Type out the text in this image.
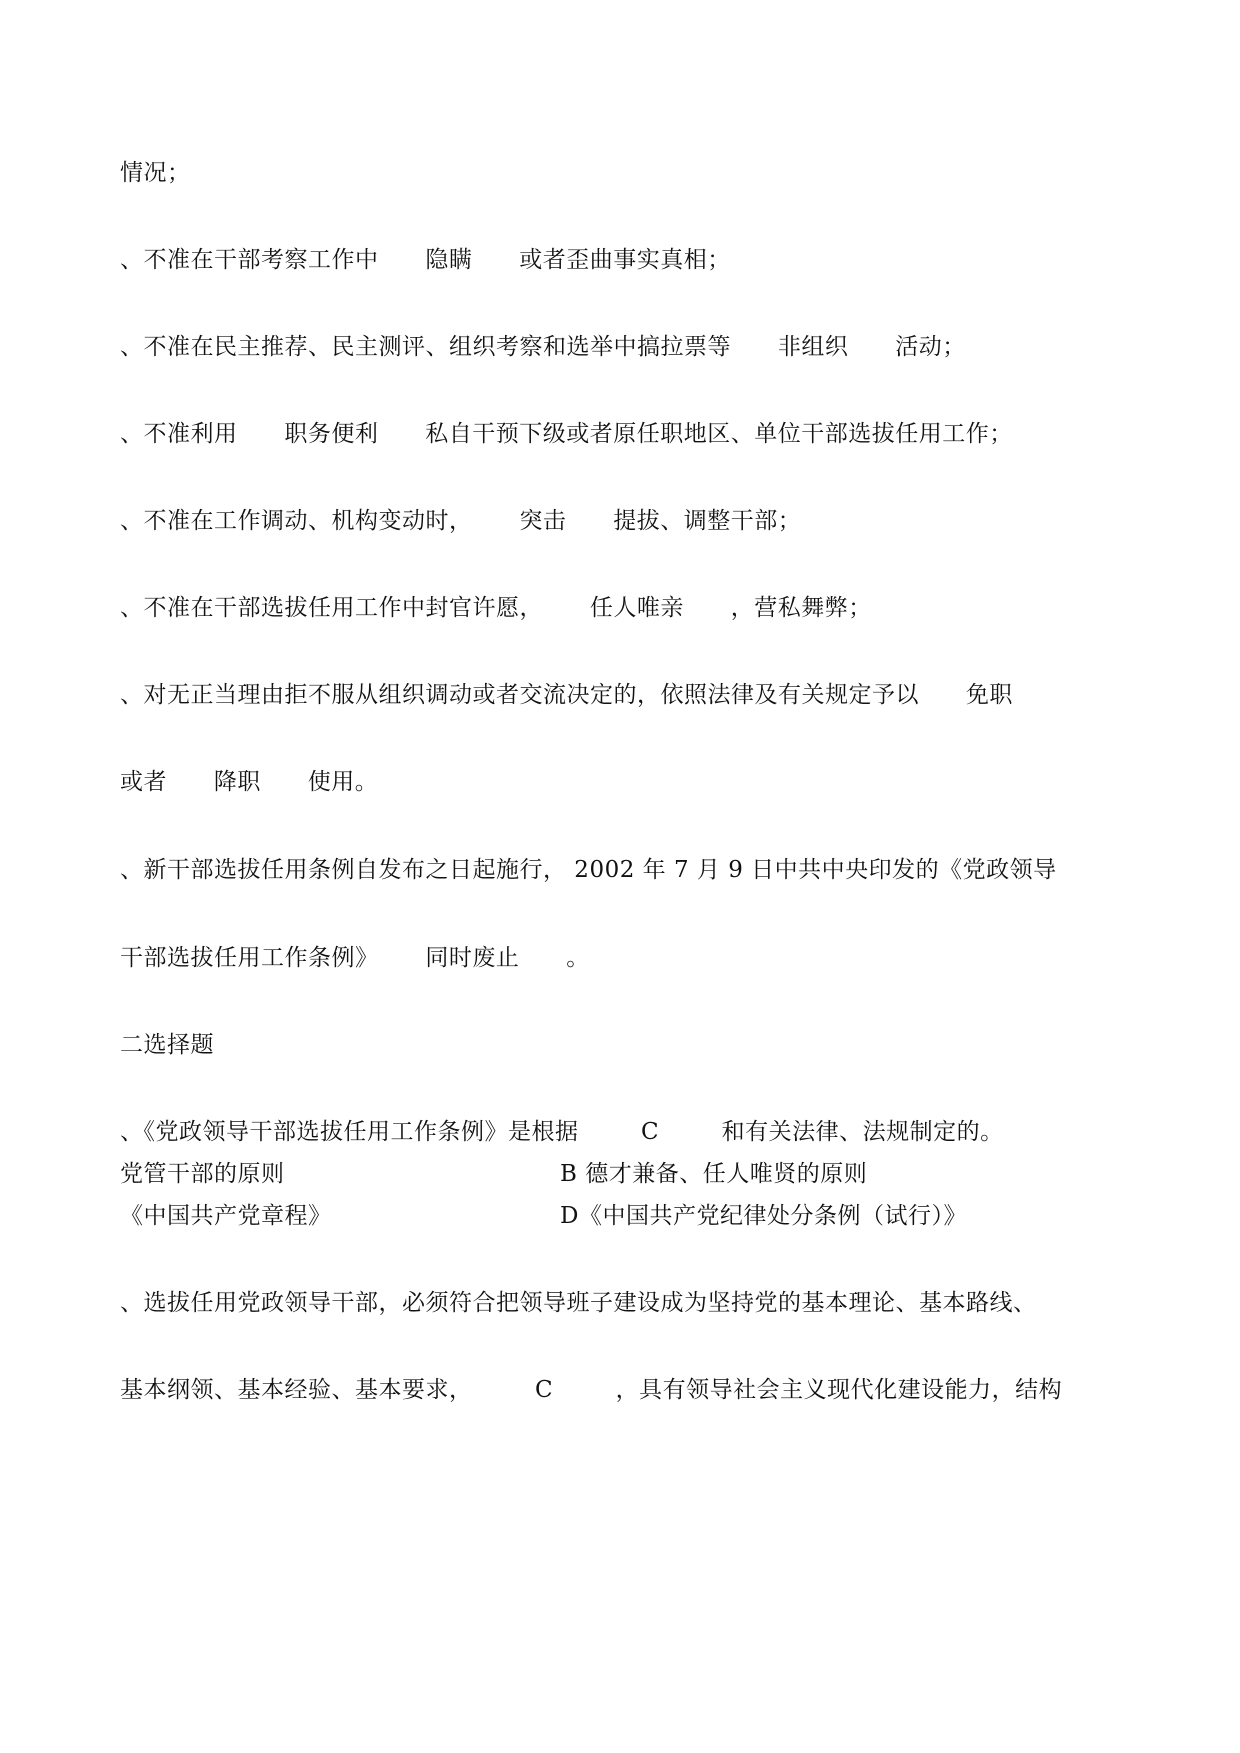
情况；
、不准在干部考察工作中      隐瞒      或者歪曲事实真相；
、不准在民主推荐、民主测评、组织考察和选举中搞拉票等      非组织      活动；
、不准利用      职务便利      私自干预下级或者原任职地区、单位干部选拔任用工作；
、不准在工作调动、机构变动时，      突击      提拔、调整干部；
、不准在干部选拔任用工作中封官许愿，      任人唯亲      ，营私舞弊；
、对无正当理由拒不服从组织调动或者交流决定的，依照法律及有关规定予以      免职
或者      降职      使用。
、新干部选拔任用条例自发布之日起施行， 2002 年 7 月 9 日中共中央印发的《党政领导
干部选拔任用工作条例》      同时废止      。
二选择题
、《党政领导干部选拔任用工作条例》是根据        C        和有关法律、法规制定的。
党管干部的原则	B 德才兼备、任人唯贤的原则
《中国共产党章程》	D《中国共产党纪律处分条例（试行）》
、选拔任用党政领导干部，必须符合把领导班子建设成为坚持党的基本理论、基本路线、
基本纲领、基本经验、基本要求，        C        ，具有领导社会主义现代化建设能力，结构
